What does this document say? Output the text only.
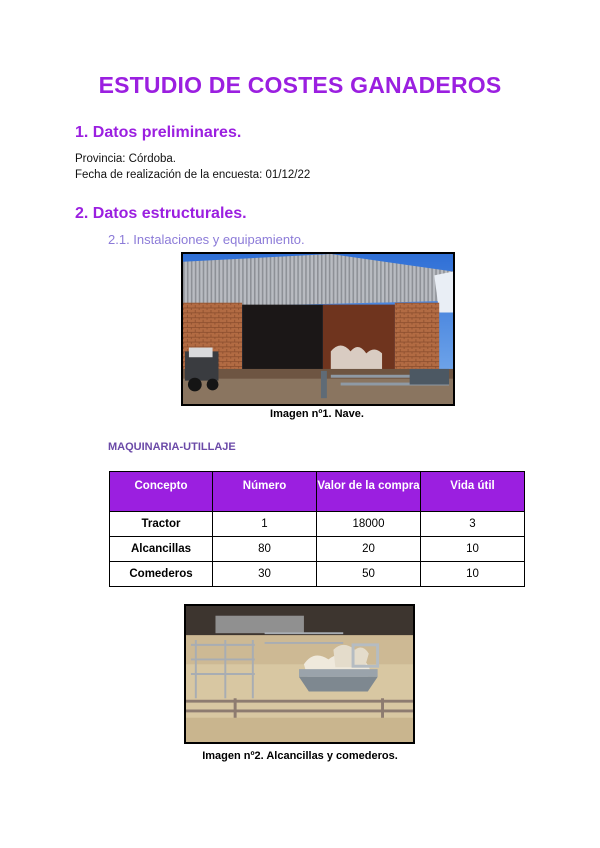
ESTUDIO DE COSTES GANADEROS
1. Datos preliminares.
Provincia: Córdoba.
Fecha de realización de la encuesta: 01/12/22
2. Datos estructurales.
2.1. Instalaciones y equipamiento.
Imagen nº1. Nave.
MAQUINARIA-UTILLAJE
Concepto	Número	Valor de la compra	Vida útil
Tractor	1	18000	3
Alcancillas	80	20	10
Comederos	30	50	10
Imagen nº2. Alcancillas y comederos.
